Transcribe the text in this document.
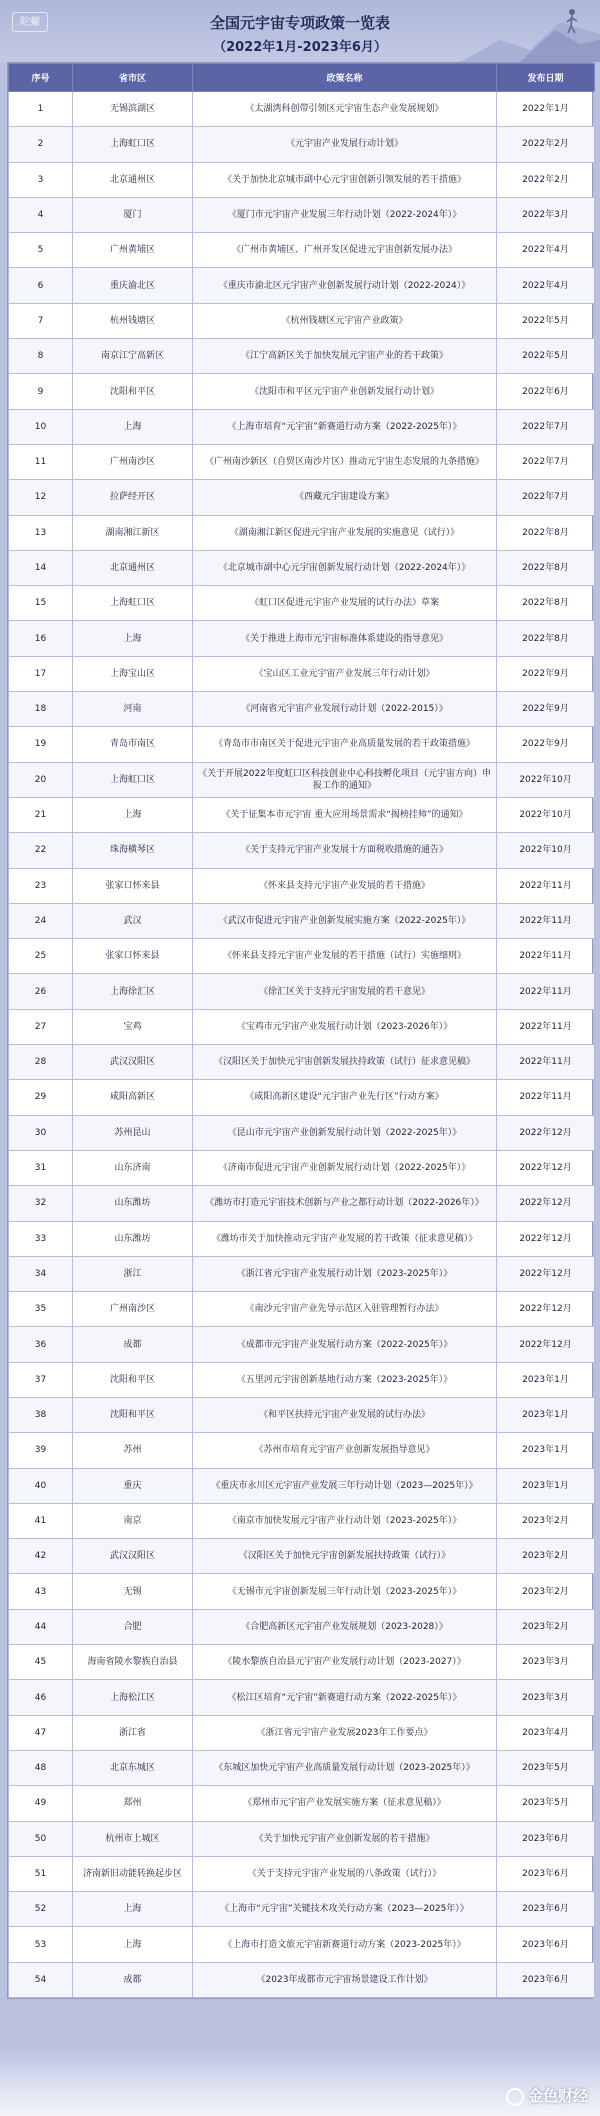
陀螺	全国元宇宙专项政策一览表
（2022年1月-2023年6月）
序号	省市区	政策名称	发布日期
1	无锡滨湖区	《太湖湾科创带引领区元宇宙生态产业发展规划》	2022年1月
2	上海虹口区	《元宇宙产业发展行动计划》	2022年2月
3	北京通州区	《关于加快北京城市副中心元宇宙创新引领发展的若干措施》	2022年2月
4	厦门	《厦门市元宇宙产业发展三年行动计划（2022-2024年）》	2022年3月
5	广州黄埔区	《广州市黄埔区、广州开发区促进元宇宙创新发展办法》	2022年4月
6	重庆渝北区	《重庆市渝北区元宇宙产业创新发展行动计划（2022-2024）》	2022年4月
7	杭州钱塘区	《杭州钱塘区元宇宙产业政策》	2022年5月
8	南京江宁高新区	《江宁高新区关于加快发展元宇宙产业的若干政策》	2022年5月
9	沈阳和平区	《沈阳市和平区元宇宙产业创新发展行动计划》	2022年6月
10	上海	《上海市培育“元宇宙”新赛道行动方案（2022-2025年）》	2022年7月
11	广州南沙区	《广州南沙新区（自贸区南沙片区）推动元宇宙生态发展的九条措施》	2022年7月
12	拉萨经开区	《西藏元宇宙建设方案》	2022年7月
13	湖南湘江新区	《湖南湘江新区促进元宇宙产业发展的实施意见（试行）》	2022年8月
14	北京通州区	《北京城市副中心元宇宙创新发展行动计划（2022-2024年）》	2022年8月
15	上海虹口区	《虹口区促进元宇宙产业发展的试行办法》草案	2022年8月
16	上海	《关于推进上海市元宇宙标准体系建设的指导意见》	2022年8月
17	上海宝山区	《宝山区工业元宇宙产业发展三年行动计划》	2022年9月
18	河南	《河南省元宇宙产业发展行动计划（2022-2015）》	2022年9月
19	青岛市南区	《青岛市市南区关于促进元宇宙产业高质量发展的若干政策措施》	2022年9月
20	上海虹口区	《关于开展2022年度虹口区科技创业中心科技孵化项目（元宇宙方向）申报工作的通知》	2022年10月
21	上海	《关于征集本市元宇宙 重大应用场景需求“揭榜挂帅”的通知》	2022年10月
22	珠海横琴区	《关于支持元宇宙产业发展十方面税收措施的通告》	2022年10月
23	张家口怀来县	《怀来县支持元宇宙产业发展的若干措施》	2022年11月
24	武汉	《武汉市促进元宇宙产业创新发展实施方案（2022-2025年）》	2022年11月
25	张家口怀来县	《怀来县支持元宇宙产业发展的若干措施（试行）实施细则》	2022年11月
26	上海徐汇区	《徐汇区关于支持元宇宙发展的若干意见》	2022年11月
27	宝鸡	《宝鸡市元宇宙产业发展行动计划（2023-2026年）》	2022年11月
28	武汉汉阳区	《汉阳区关于加快元宇宙创新发展扶持政策（试行）征求意见稿》	2022年11月
29	咸阳高新区	《咸阳高新区建设“元宇宙产业先行区”行动方案》	2022年11月
30	苏州昆山	《昆山市元宇宙产业创新发展行动计划（2022-2025年）》	2022年12月
31	山东济南	《济南市促进元宇宙产业创新发展行动计划（2022-2025年）》	2022年12月
32	山东潍坊	《潍坊市打造元宇宙技术创新与产业之都行动计划（2022-2026年）》	2022年12月
33	山东潍坊	《潍坊市关于加快推动元宇宙产业发展的若干政策（征求意见稿）》	2022年12月
34	浙江	《浙江省元宇宙产业发展行动计划（2023-2025年）》	2022年12月
35	广州南沙区	《南沙元宇宙产业先导示范区入驻管理暂行办法》	2022年12月
36	成都	《成都市元宇宙产业发展行动方案（2022-2025年）》	2022年12月
37	沈阳和平区	《五里河元宇宙创新基地行动方案（2023-2025年）》	2023年1月
38	沈阳和平区	《和平区扶持元宇宙产业发展的试行办法》	2023年1月
39	苏州	《苏州市培育元宇宙产业创新发展指导意见》	2023年1月
40	重庆	《重庆市永川区元宇宙产业发展三年行动计划（2023—2025年）》	2023年1月
41	南京	《南京市加快发展元宇宙产业行动计划（2023-2025年）》	2023年2月
42	武汉汉阳区	《汉阳区关于加快元宇宙创新发展扶持政策（试行）》	2023年2月
43	无锡	《无锡市元宇宙创新发展三年行动计划（2023-2025年）》	2023年2月
44	合肥	《合肥高新区元宇宙产业发展规划（2023-2028）》	2023年2月
45	海南省陵水黎族自治县	《陵水黎族自治县元宇宙产业发展行动计划（2023-2027）》	2023年3月
46	上海松江区	《松江区培育“元宇宙”新赛道行动方案（2022-2025年）》	2023年3月
47	浙江省	《浙江省元宇宙产业发展2023年工作要点》	2023年4月
48	北京东城区	《东城区加快元宇宙产业高质量发展行动计划（2023-2025年）》	2023年5月
49	郑州	《郑州市元宇宙产业发展实施方案（征求意见稿）》	2023年5月
50	杭州市上城区	《关于加快元宇宙产业创新发展的若干措施》	2023年6月
51	济南新旧动能转换起步区	《关于支持元宇宙产业发展的八条政策（试行）》	2023年6月
52	上海	《上海市“元宇宙”关键技术攻关行动方案（2023—2025年）》	2023年6月
53	上海	《上海市打造文旅元宇宙新赛道行动方案（2023-2025年）》	2023年6月
54	成都	《2023年成都市元宇宙场景建设工作计划》	2023年6月
金色财经
